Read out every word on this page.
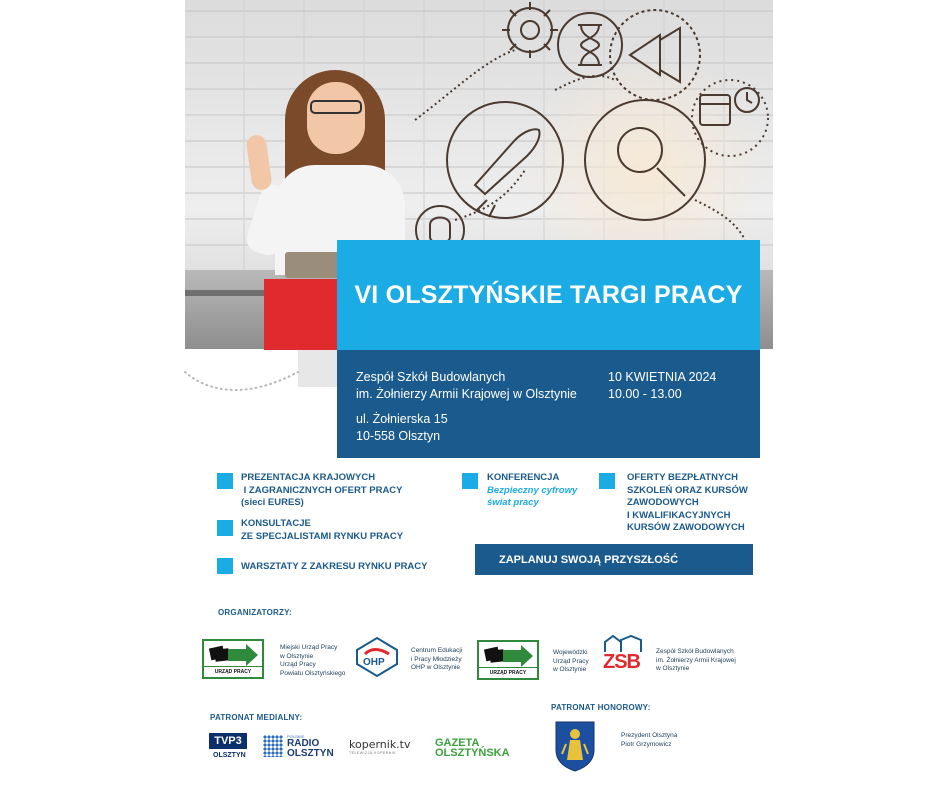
VI OLSZTYŃSKIE TARGI PRACY
Zespół Szkół Budowlanych
im. Żołnierzy Armii Krajowej w Olsztynie
ul. Żołnierska 15
10-558 Olsztyn
10 KWIETNIA 2024
10.00 - 13.00
PREZENTACJA KRAJOWYCH
I ZAGRANICZNYCH OFERT PRACY
(sieci EURES)
KONSULTACJE
ZE SPECJALISTAMI RYNKU PRACY
WARSZTATY Z ZAKRESU RYNKU PRACY
KONFERENCJA
Bezpieczny cyfrowy
świat pracy
OFERTY BEZPŁATNYCH
SZKOLEŃ ORAZ KURSÓW
ZAWODOWYCH
I KWALIFIKACYJNYCH
KURSÓW ZAWODOWYCH
ZAPLANUJ SWOJĄ PRZYSZŁOŚĆ
ORGANIZATORZY:
URZĄD PRACY
Miejski Urząd Pracy
w Olsztynie
Urząd Pracy
Powiatu Olsztyńskiego
OHP
Centrum Edukacji
i Pracy Młodzieży
OHP w Olsztynie
URZĄD PRACY
Wojewódzki
Urząd Pracy
w Olsztynie ZSB Zespół Szkół Budowlanych
im. Żołnierzy Armii Krajowej
w Olsztynie
PATRONAT MEDIALNY:
TVP3
OLSZTYN
POLSKIE
RADIO
OLSZTYN
kopernik.tv
TELEWIZJA KOPERNIK
GAZETA
OLSZTYŃSKA
PATRONAT HONOROWY:
Prezydent Olsztyna
Piotr Grzymowicz
